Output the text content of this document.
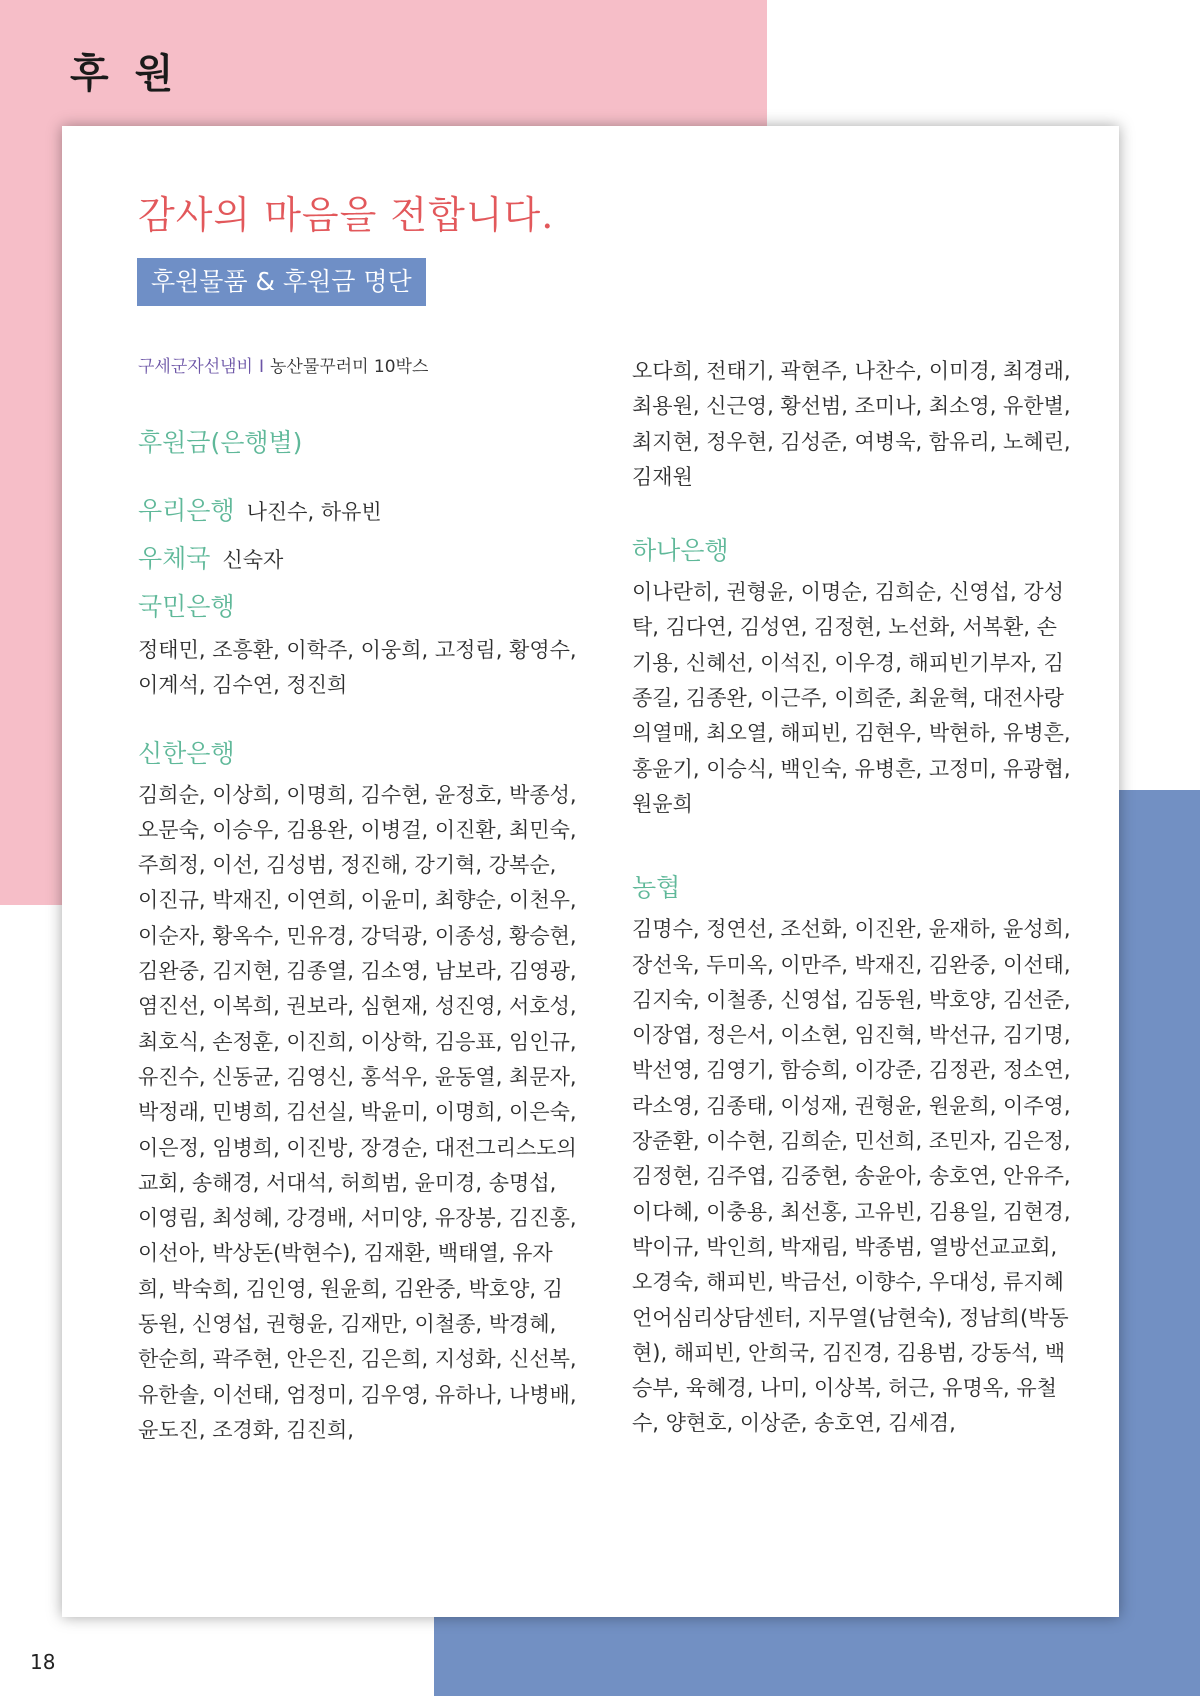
후 원
감사의 마음을 전합니다.
후원물품 & 후원금 명단
구세군자선냄비 I 농산물꾸러미 10박스
후원금(은행별)
우리은행 나진수, 하유빈
우체국 신숙자
국민은행
정태민, 조흥환, 이학주, 이웅희, 고정림, 황영수, 이계석, 김수연, 정진희
신한은행
김희순, 이상희, 이명희, 김수현, 윤정호, 박종성, 오문숙, 이승우, 김용완, 이병걸, 이진환, 최민숙, 주희정, 이선, 김성범, 정진해, 강기혁, 강복순, 이진규, 박재진, 이연희, 이윤미, 최향순, 이천우, 이순자, 황옥수, 민유경, 강덕광, 이종성, 황승현, 김완중, 김지현, 김종열, 김소영, 남보라, 김영광, 염진선, 이복희, 권보라, 심현재, 성진영, 서호성, 최호식, 손정훈, 이진희, 이상학, 김응표, 임인규, 유진수, 신동균, 김영신, 홍석우, 윤동열, 최문자, 박정래, 민병희, 김선실, 박윤미, 이명희, 이은숙, 이은정, 임병희, 이진방, 장경순, 대전그리스도의교회, 송해경, 서대석, 허희범, 윤미경, 송명섭, 이영림, 최성혜, 강경배, 서미양, 유장봉, 김진홍, 이선아, 박상돈(박현수), 김재환, 백태열, 유자희, 박숙희, 김인영, 원윤희, 김완중, 박호양, 김동원, 신영섭, 권형윤, 김재만, 이철종, 박경혜, 한순희, 곽주현, 안은진, 김은희, 지성화, 신선복, 유한솔, 이선태, 엄정미, 김우영, 유하나, 나병배, 윤도진, 조경화, 김진희,
오다희, 전태기, 곽현주, 나찬수, 이미경, 최경래, 최용원, 신근영, 황선범, 조미나, 최소영, 유한별, 최지현, 정우현, 김성준, 여병욱, 함유리, 노혜린, 김재원
하나은행
이나란히, 권형윤, 이명순, 김희순, 신영섭, 강성탁, 김다연, 김성연, 김정현, 노선화, 서복환, 손기용, 신혜선, 이석진, 이우경, 해피빈기부자, 김종길, 김종완, 이근주, 이희준, 최윤혁, 대전사랑의열매, 최오열, 해피빈, 김현우, 박현하, 유병흔, 홍윤기, 이승식, 백인숙, 유병흔, 고정미, 유광협, 원윤희
농협
김명수, 정연선, 조선화, 이진완, 윤재하, 윤성희, 장선욱, 두미옥, 이만주, 박재진, 김완중, 이선태, 김지숙, 이철종, 신영섭, 김동원, 박호양, 김선준, 이장엽, 정은서, 이소현, 임진혁, 박선규, 김기명, 박선영, 김영기, 함승희, 이강준, 김정관, 정소연, 라소영, 김종태, 이성재, 권형윤, 원윤희, 이주영, 장준환, 이수현, 김희순, 민선희, 조민자, 김은정, 김정현, 김주엽, 김중현, 송윤아, 송호연, 안유주, 이다혜, 이충용, 최선홍, 고유빈, 김용일, 김현경, 박이규, 박인희, 박재림, 박종범, 열방선교교회, 오경숙, 해피빈, 박금선, 이향수, 우대성, 류지혜언어심리상담센터, 지무열(남현숙), 정남희(박동현), 해피빈, 안희국, 김진경, 김용범, 강동석, 백승부, 육혜경, 나미, 이상복, 허근, 유명옥, 유철수, 양현호, 이상준, 송호연, 김세겸,
18
